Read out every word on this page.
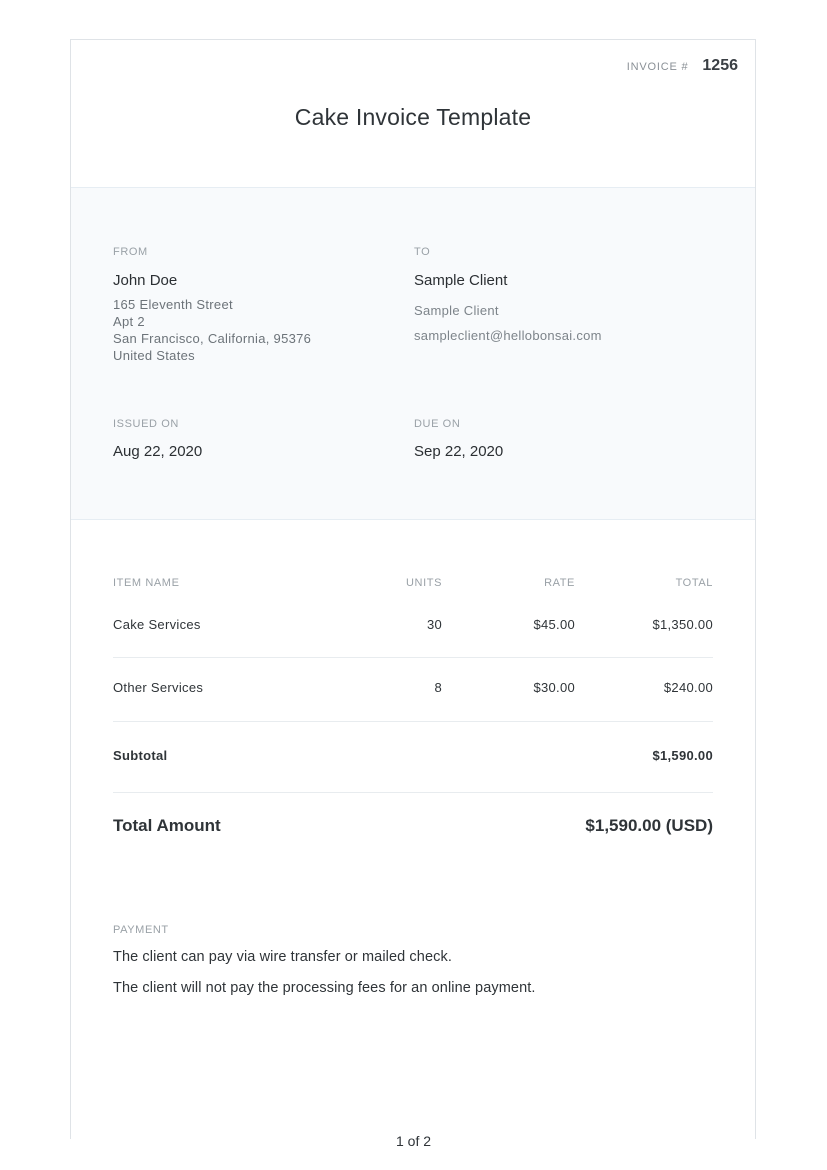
INVOICE # 1256
Cake Invoice Template
FROM
John Doe
165 Eleventh Street
Apt 2
San Francisco, California, 95376
United States
TO
Sample Client
Sample Client
sampleclient@hellobonsai.com
ISSUED ON
Aug 22, 2020
DUE ON
Sep 22, 2020
ITEM NAME	UNITS	RATE	TOTAL
Cake Services	30	$45.00	$1,350.00
Other Services	8	$30.00	$240.00
Subtotal	$1,590.00
Total Amount	$1,590.00 (USD)
PAYMENT
The client can pay via wire transfer or mailed check.
The client will not pay the processing fees for an online payment.
1 of 2
